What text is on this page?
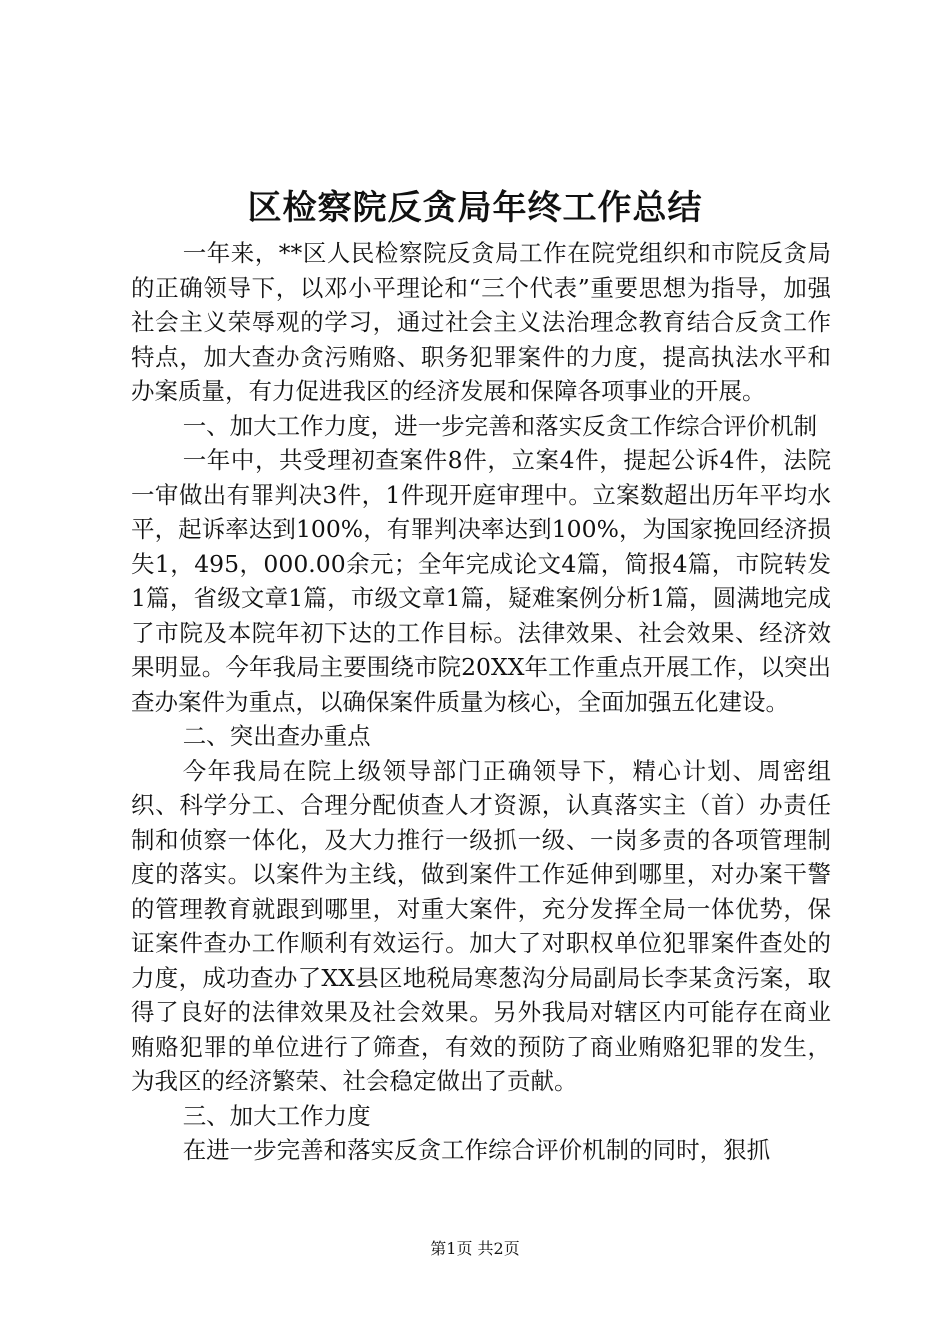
区检察院反贪局年终工作总结

一年来，**区人民检察院反贪局工作在院党组织和市院反贪局的正确领导下，以邓小平理论和“三个代表”重要思想为指导，加强社会主义荣辱观的学习，通过社会主义法治理念教育结合反贪工作特点，加大查办贪污贿赂、职务犯罪案件的力度，提高执法水平和办案质量，有力促进我区的经济发展和保障各项事业的开展。

一、加大工作力度，进一步完善和落实反贪工作综合评价机制

一年中，共受理初查案件8件，立案4件，提起公诉4件，法院一审做出有罪判决3件，1件现开庭审理中。立案数超出历年平均水平，起诉率达到100%，有罪判决率达到100%，为国家挽回经济损失1，495，000.00余元；全年完成论文4篇，简报4篇，市院转发1篇，省级文章1篇，市级文章1篇，疑难案例分析1篇，圆满地完成了市院及本院年初下达的工作目标。法律效果、社会效果、经济效果明显。今年我局主要围绕市院20XX年工作重点开展工作，以突出查办案件为重点，以确保案件质量为核心，全面加强五化建设。

二、突出查办重点

今年我局在院上级领导部门正确领导下，精心计划、周密组织、科学分工、合理分配侦查人才资源，认真落实主（首）办责任制和侦察一体化，及大力推行一级抓一级、一岗多责的各项管理制度的落实。以案件为主线，做到案件工作延伸到哪里，对办案干警的管理教育就跟到哪里，对重大案件，充分发挥全局一体优势，保证案件查办工作顺利有效运行。加大了对职权单位犯罪案件查处的力度，成功查办了XX县区地税局寒葱沟分局副局长李某贪污案，取得了良好的法律效果及社会效果。另外我局对辖区内可能存在商业贿赂犯罪的单位进行了筛查，有效的预防了商业贿赂犯罪的发生，为我区的经济繁荣、社会稳定做出了贡献。

三、加大工作力度

在进一步完善和落实反贪工作综合评价机制的同时，狠抓

第1页 共2页
